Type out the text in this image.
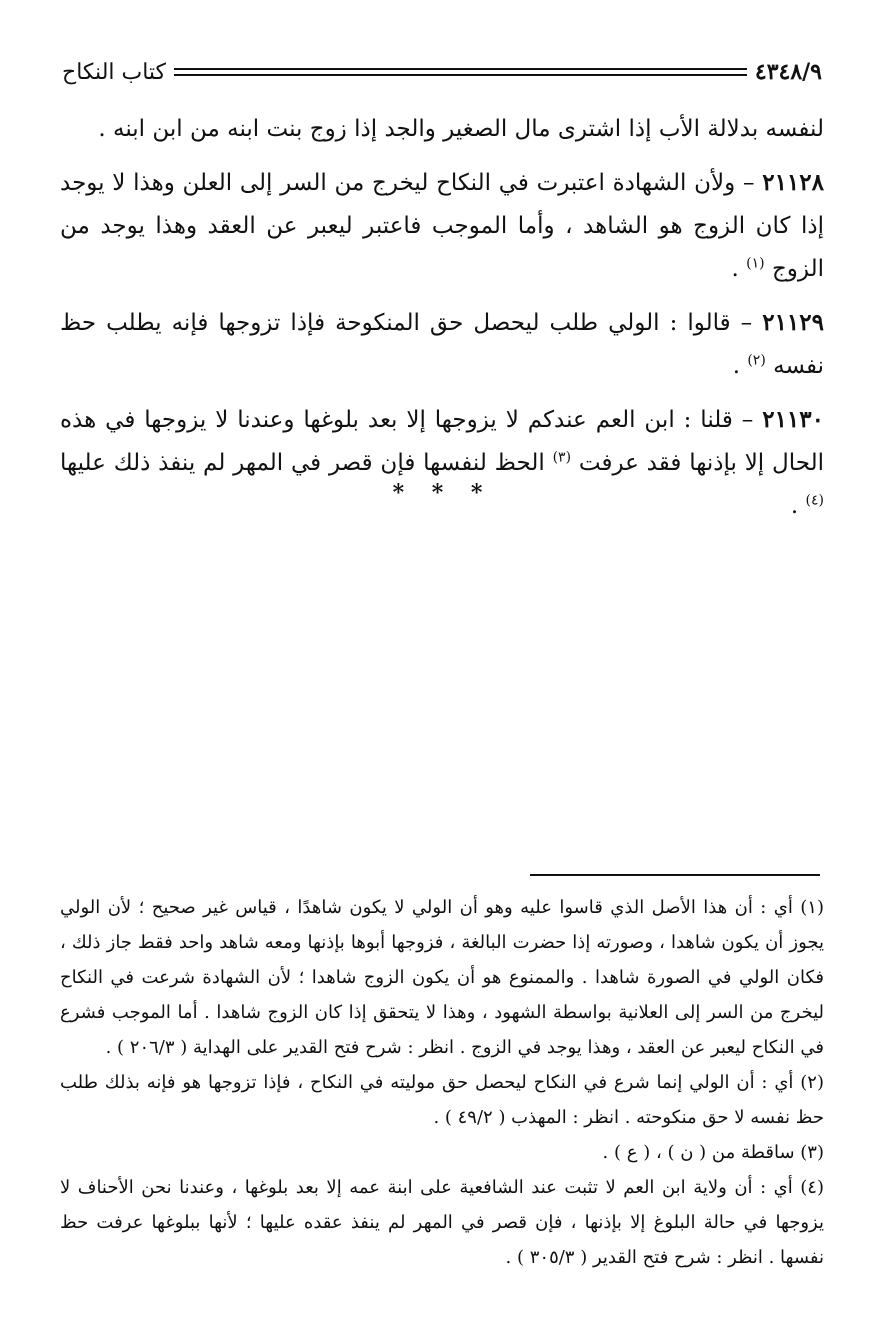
٤٣٤٨/٩
كتاب النكاح

لنفسه بدلالة الأب إذا اشترى مال الصغير والجد إذا زوج بنت ابنه من ابن ابنه .

٢١١٢٨ – ولأن الشهادة اعتبرت في النكاح ليخرج من السر إلى العلن وهذا لا يوجد إذا كان الزوج هو الشاهد ، وأما الموجب فاعتبر ليعبر عن العقد وهذا يوجد من الزوج $^{(١)}$ .

٢١١٢٩ – قالوا : الولي طلب ليحصل حق المنكوحة فإذا تزوجها فإنه يطلب حظ نفسه $^{(٢)}$ .

٢١١٣٠ – قلنا : ابن العم عندكم لا يزوجها إلا بعد بلوغها وعندنا لا يزوجها في هذه الحال إلا بإذنها فقد عرفت $^{(٣)}$ الحظ لنفسها فإن قصر في المهر لم ينفذ ذلك عليها $^{(٤)}$ .

* * *

(١) أي : أن هذا الأصل الذي قاسوا عليه وهو أن الولي لا يكون شاهدًا ، قياس غير صحيح ؛ لأن الولي يجوز أن يكون شاهدا ، وصورته إذا حضرت البالغة ، فزوجها أبوها بإذنها ومعه شاهد واحد فقط جاز ذلك ، فكان الولي في الصورة شاهدا . والممنوع هو أن يكون الزوج شاهدا ؛ لأن الشهادة شرعت في النكاح ليخرج من السر إلى العلانية بواسطة الشهود ، وهذا لا يتحقق إذا كان الزوج شاهدا . أما الموجب فشرع في النكاح ليعبر عن العقد ، وهذا يوجد في الزوج . انظر : شرح فتح القدير على الهداية ( ٢٠٦/٣ ) .

(٢) أي : أن الولي إنما شرع في النكاح ليحصل حق موليته في النكاح ، فإذا تزوجها هو فإنه بذلك طلب حظ نفسه لا حق منكوحته . انظر : المهذب ( ٤٩/٢ ) .

(٣) ساقطة من ( ن ) ، ( ع ) .

(٤) أي : أن ولاية ابن العم لا تثبت عند الشافعية على ابنة عمه إلا بعد بلوغها ، وعندنا نحن الأحناف لا يزوجها في حالة البلوغ إلا بإذنها ، فإن قصر في المهر لم ينفذ عقده عليها ؛ لأنها ببلوغها عرفت حظ نفسها . انظر : شرح فتح القدير ( ٣٠٥/٣ ) .
